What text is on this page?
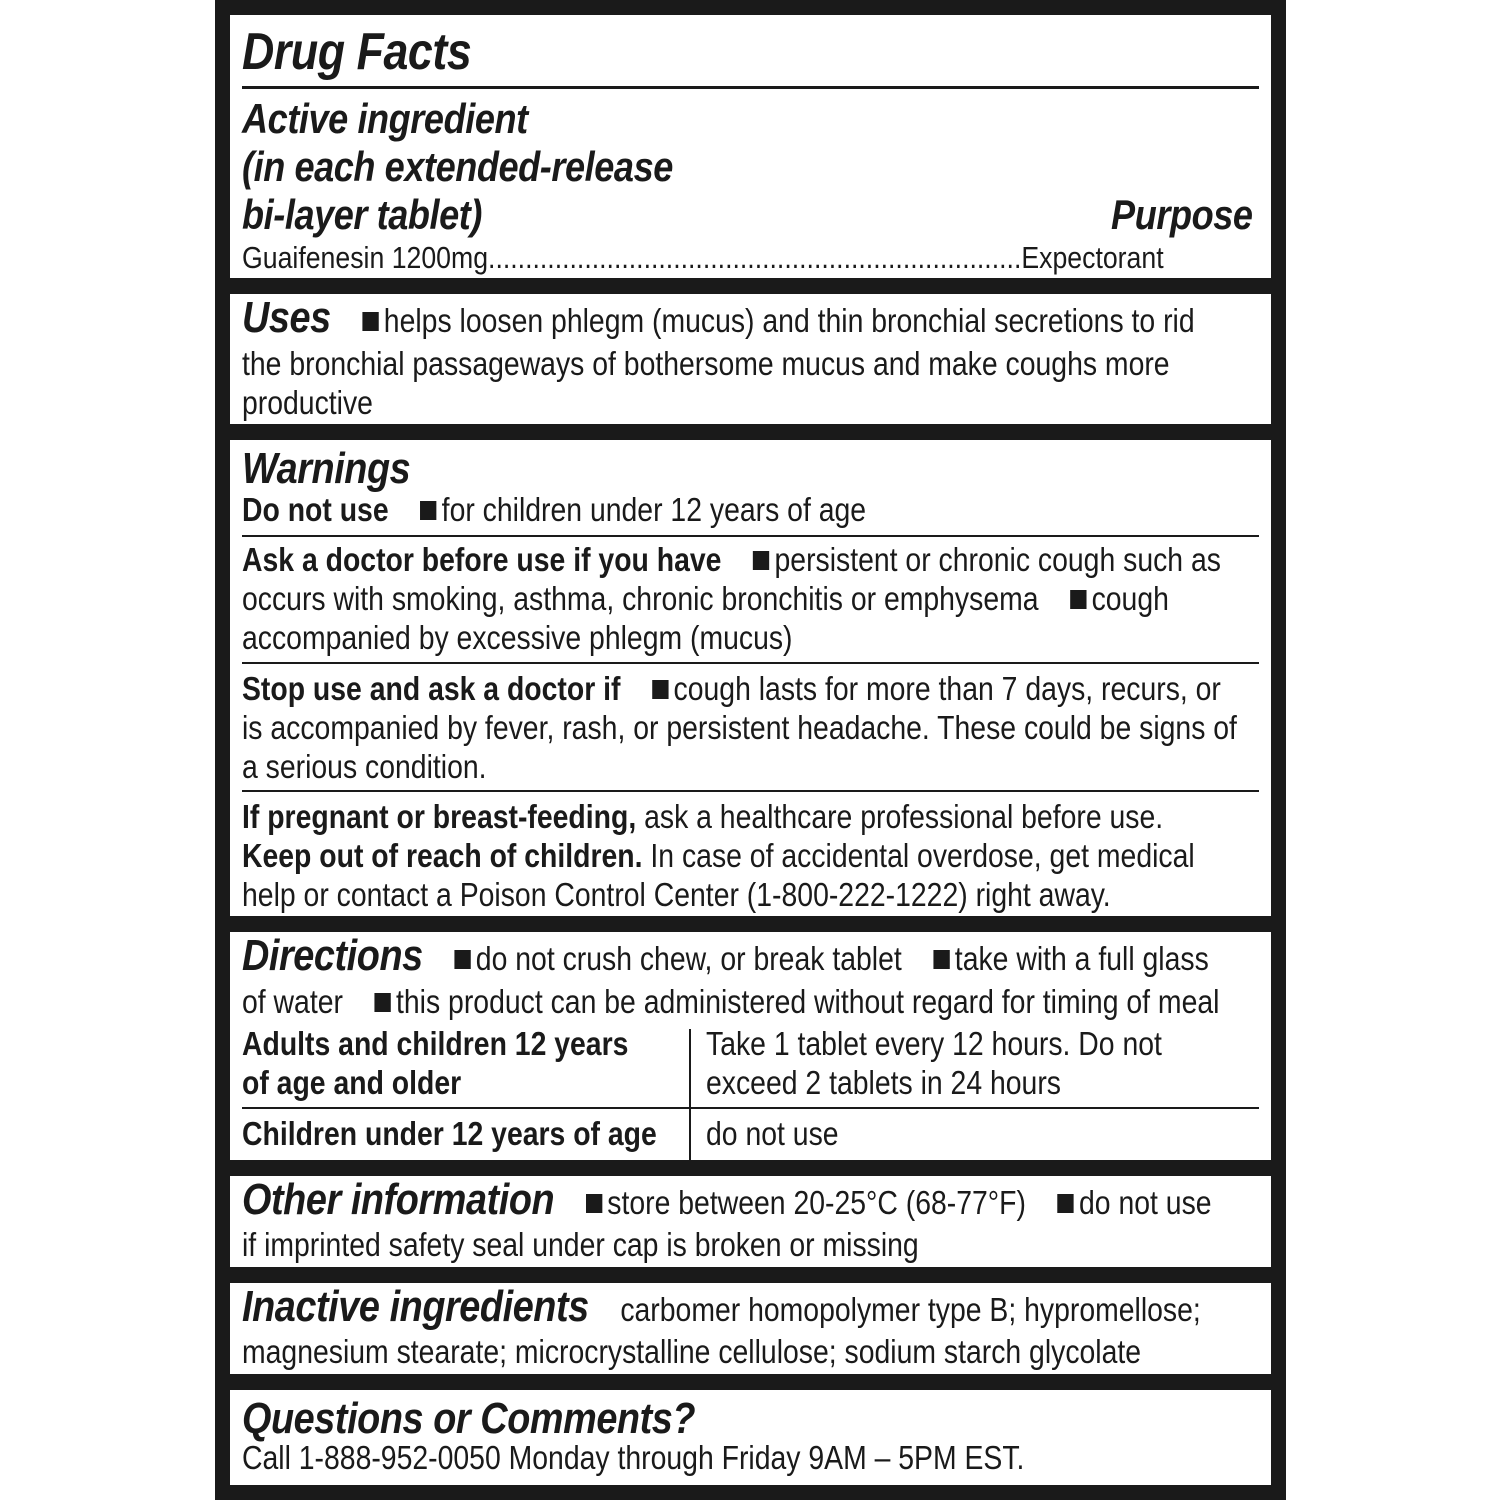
Drug Facts
Active ingredient
(in each extended-release
bi-layer tablet)	Purpose
Guaifenesin 1200mg........................................................................Expectorant
Uses helps loosen phlegm (mucus) and thin bronchial secretions to rid
the bronchial passageways of bothersome mucus and make coughs more
productive
Warnings
Do not use for children under 12 years of age
Ask a doctor before use if you have persistent or chronic cough such as
occurs with smoking, asthma, chronic bronchitis or emphysema cough
accompanied by excessive phlegm (mucus)
Stop use and ask a doctor if cough lasts for more than 7 days, recurs, or
is accompanied by fever, rash, or persistent headache. These could be signs of
a serious condition.
If pregnant or breast-feeding, ask a healthcare professional before use.
Keep out of reach of children. In case of accidental overdose, get medical
help or contact a Poison Control Center (1-800-222-1222) right away.
Directions do not crush chew, or break tablet take with a full glass
of water this product can be administered without regard for timing of meal
Adults and children 12 years
of age and older
Take 1 tablet every 12 hours. Do not
exceed 2 tablets in 24 hours
Children under 12 years of age	do not use
Other information store between 20-25°C (68-77°F) do not use
if imprinted safety seal under cap is broken or missing
Inactive ingredients carbomer homopolymer type B; hypromellose;
magnesium stearate; microcrystalline cellulose; sodium starch glycolate
Questions or Comments?
Call 1-888-952-0050 Monday through Friday 9AM – 5PM EST.
